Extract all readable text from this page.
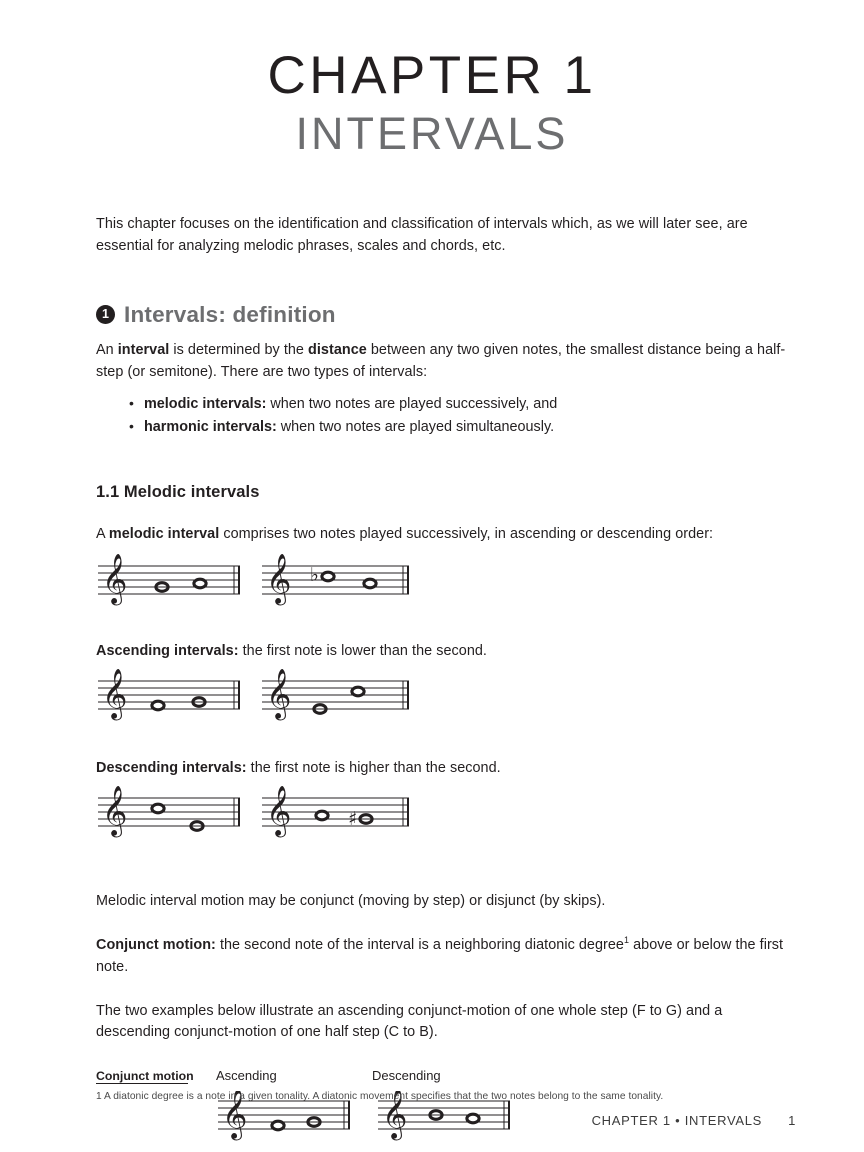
CHAPTER 1
INTERVALS

This chapter focuses on the identification and classification of intervals which, as we will later see, are essential for analyzing melodic phrases, scales and chords, etc.

1 Intervals: definition

An interval is determined by the distance between any two given notes, the smallest distance being a half-step (or semitone). There are two types of intervals:

• melodic intervals: when two notes are played successively, and
• harmonic intervals: when two notes are played simultaneously.
1.1 Melodic intervals

A melodic interval comprises two notes played successively, in ascending or descending order:

𝄞	𝄞 ♭

Ascending intervals: the first note is lower than the second.

𝄞	𝄞

Descending intervals: the first note is higher than the second.

𝄞	𝄞	♯

Melodic interval motion may be conjunct (moving by step) or disjunct (by skips).

Conjunct motion: the second note of the interval is a neighboring diatonic degree$^1$ above or below the first note.

The two examples below illustrate an ascending conjunct-motion of one whole step (F to G) and a descending conjunct-motion of one half step (C to B).

Conjunct motion	Ascending	Descending
𝄞	𝄞
1 A diatonic degree is a note in a given tonality. A diatonic movement specifies that the two notes belong to the same tonality.
CHAPTER 1 • INTERVALS 1
